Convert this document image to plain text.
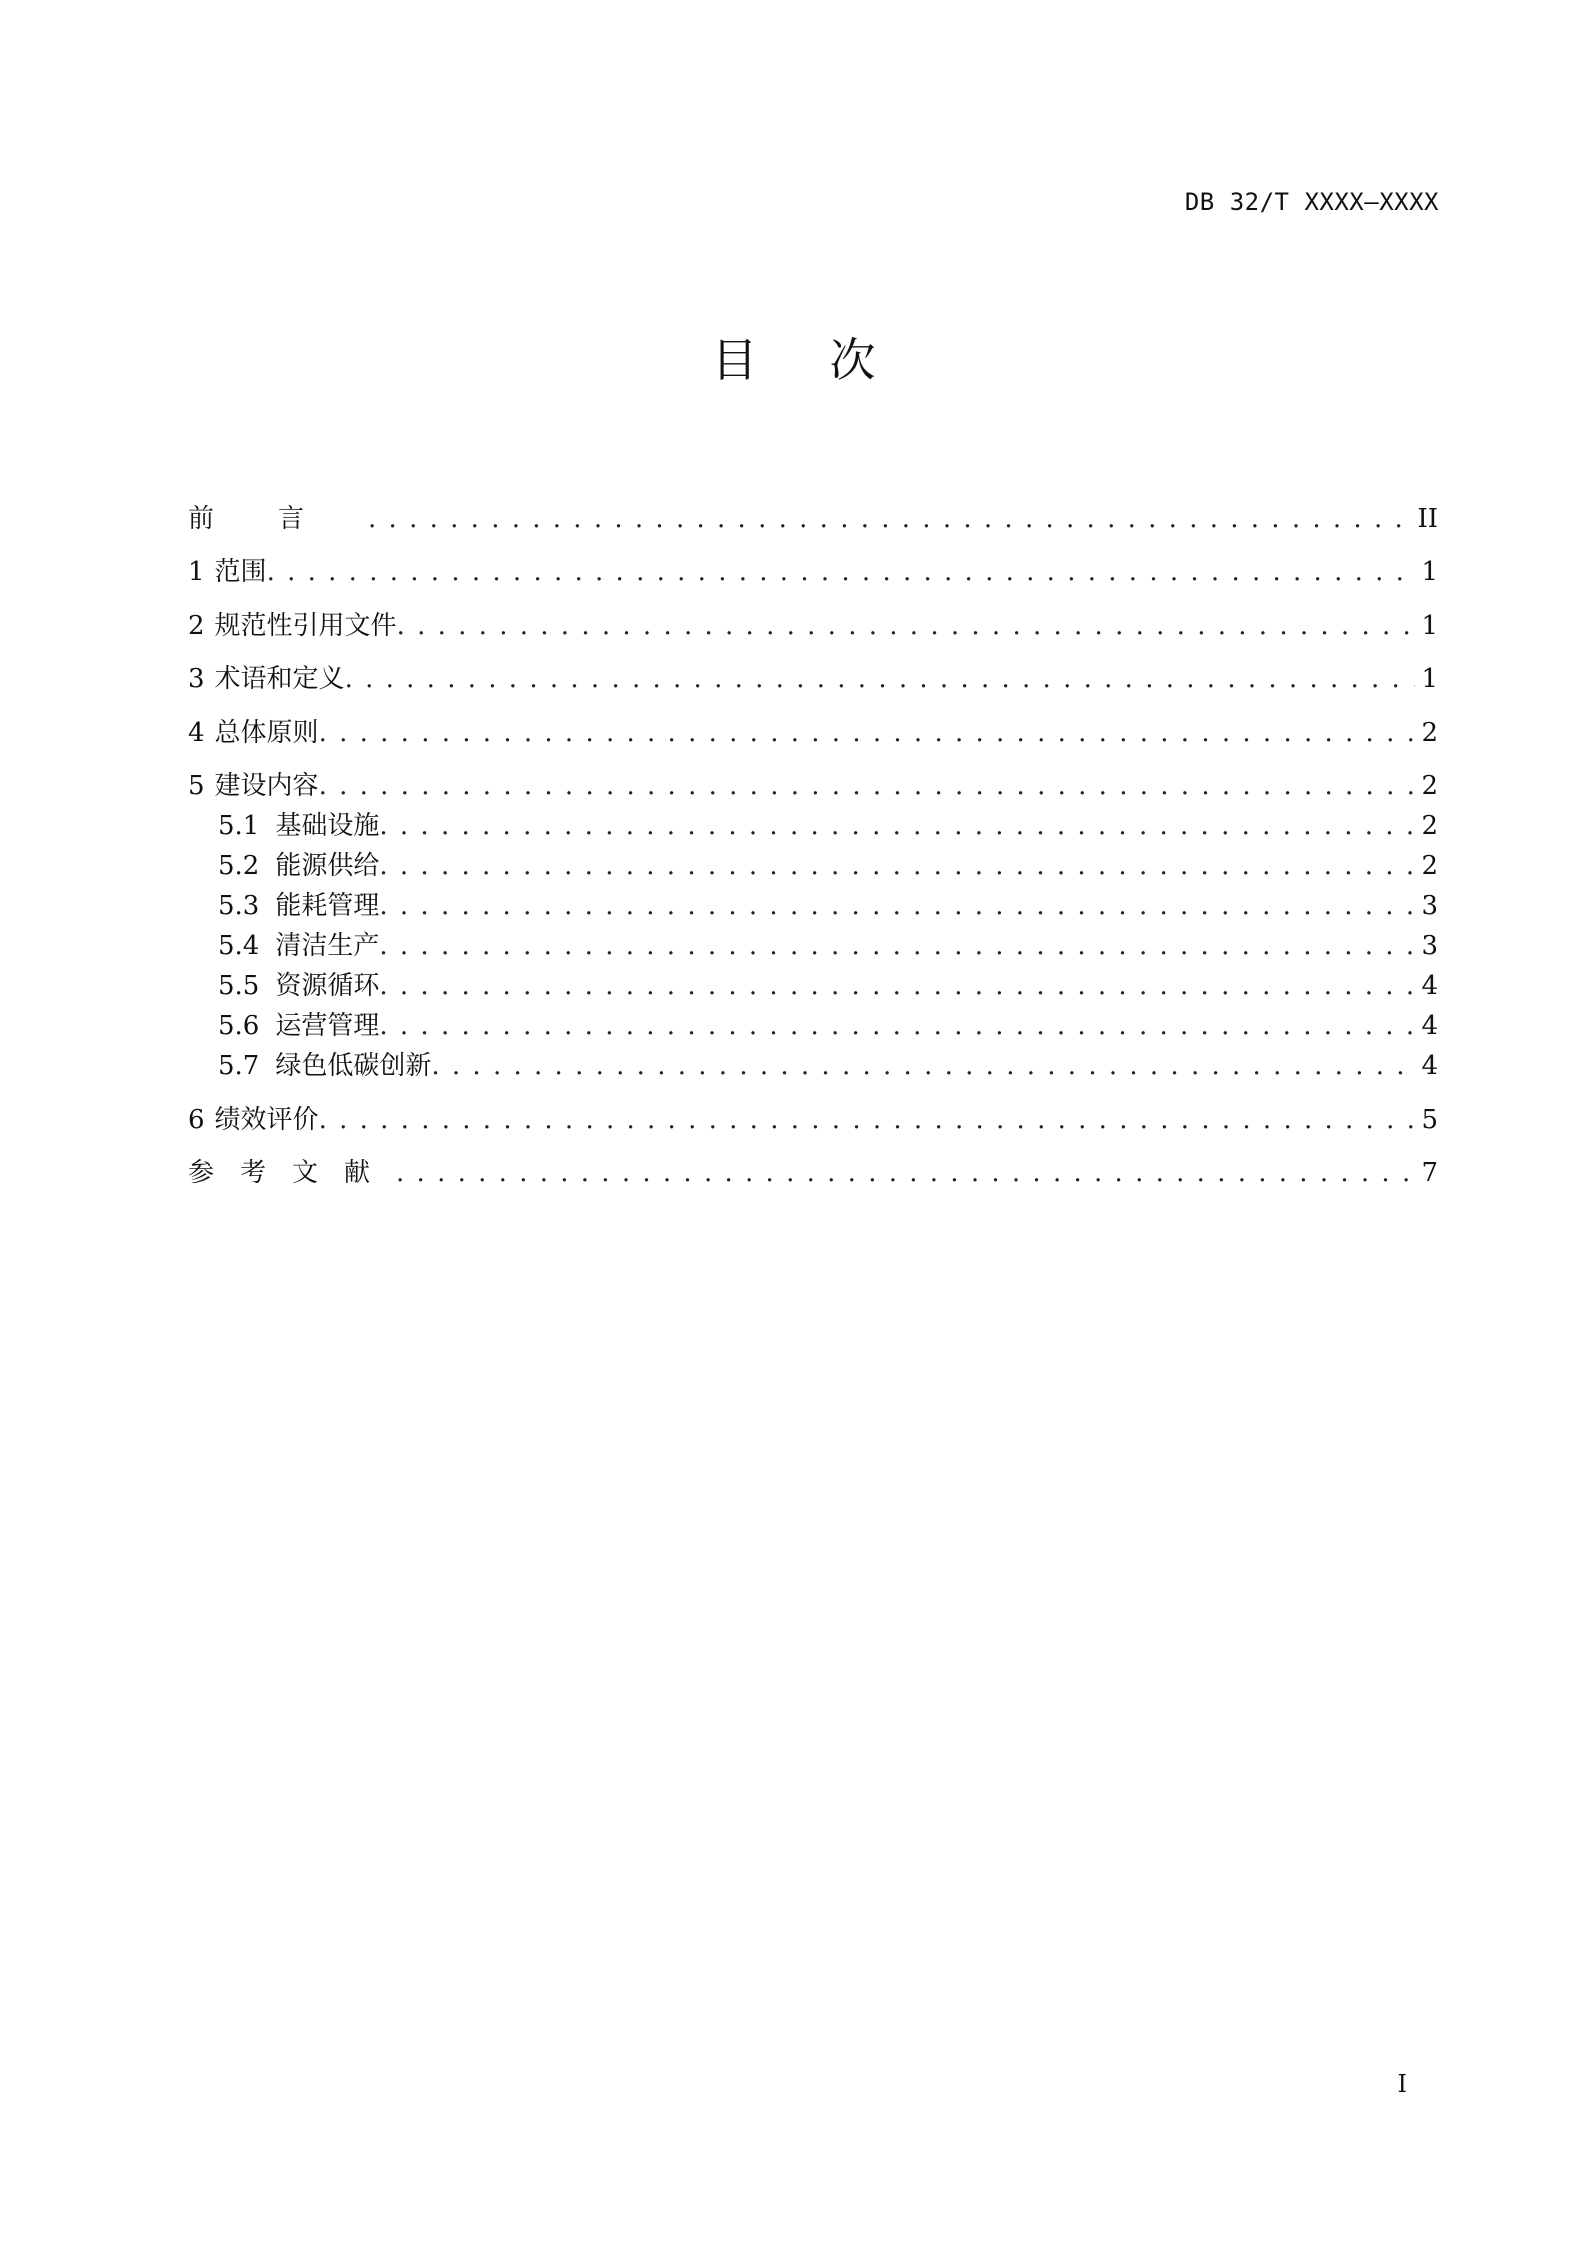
DB 32/T XXXX—XXXX
目次
前言 . . .	II
1 范围 . . .	1
2 规范性引用文件 . . .	1
3 术语和定义 . . .	1
4 总体原则 . . .	2
5 建设内容 . . .	2
5.1 基础设施 . . .	2
5.2 能源供给 . . .	2
5.3 能耗管理 . . .	3
5.4 清洁生产 . . .	3
5.5 资源循环 . . .	4
5.6 运营管理 . . .	4
5.7 绿色低碳创新 . . .	4
6 绩效评价 . . .	5
参考文献 . . .	7
I
